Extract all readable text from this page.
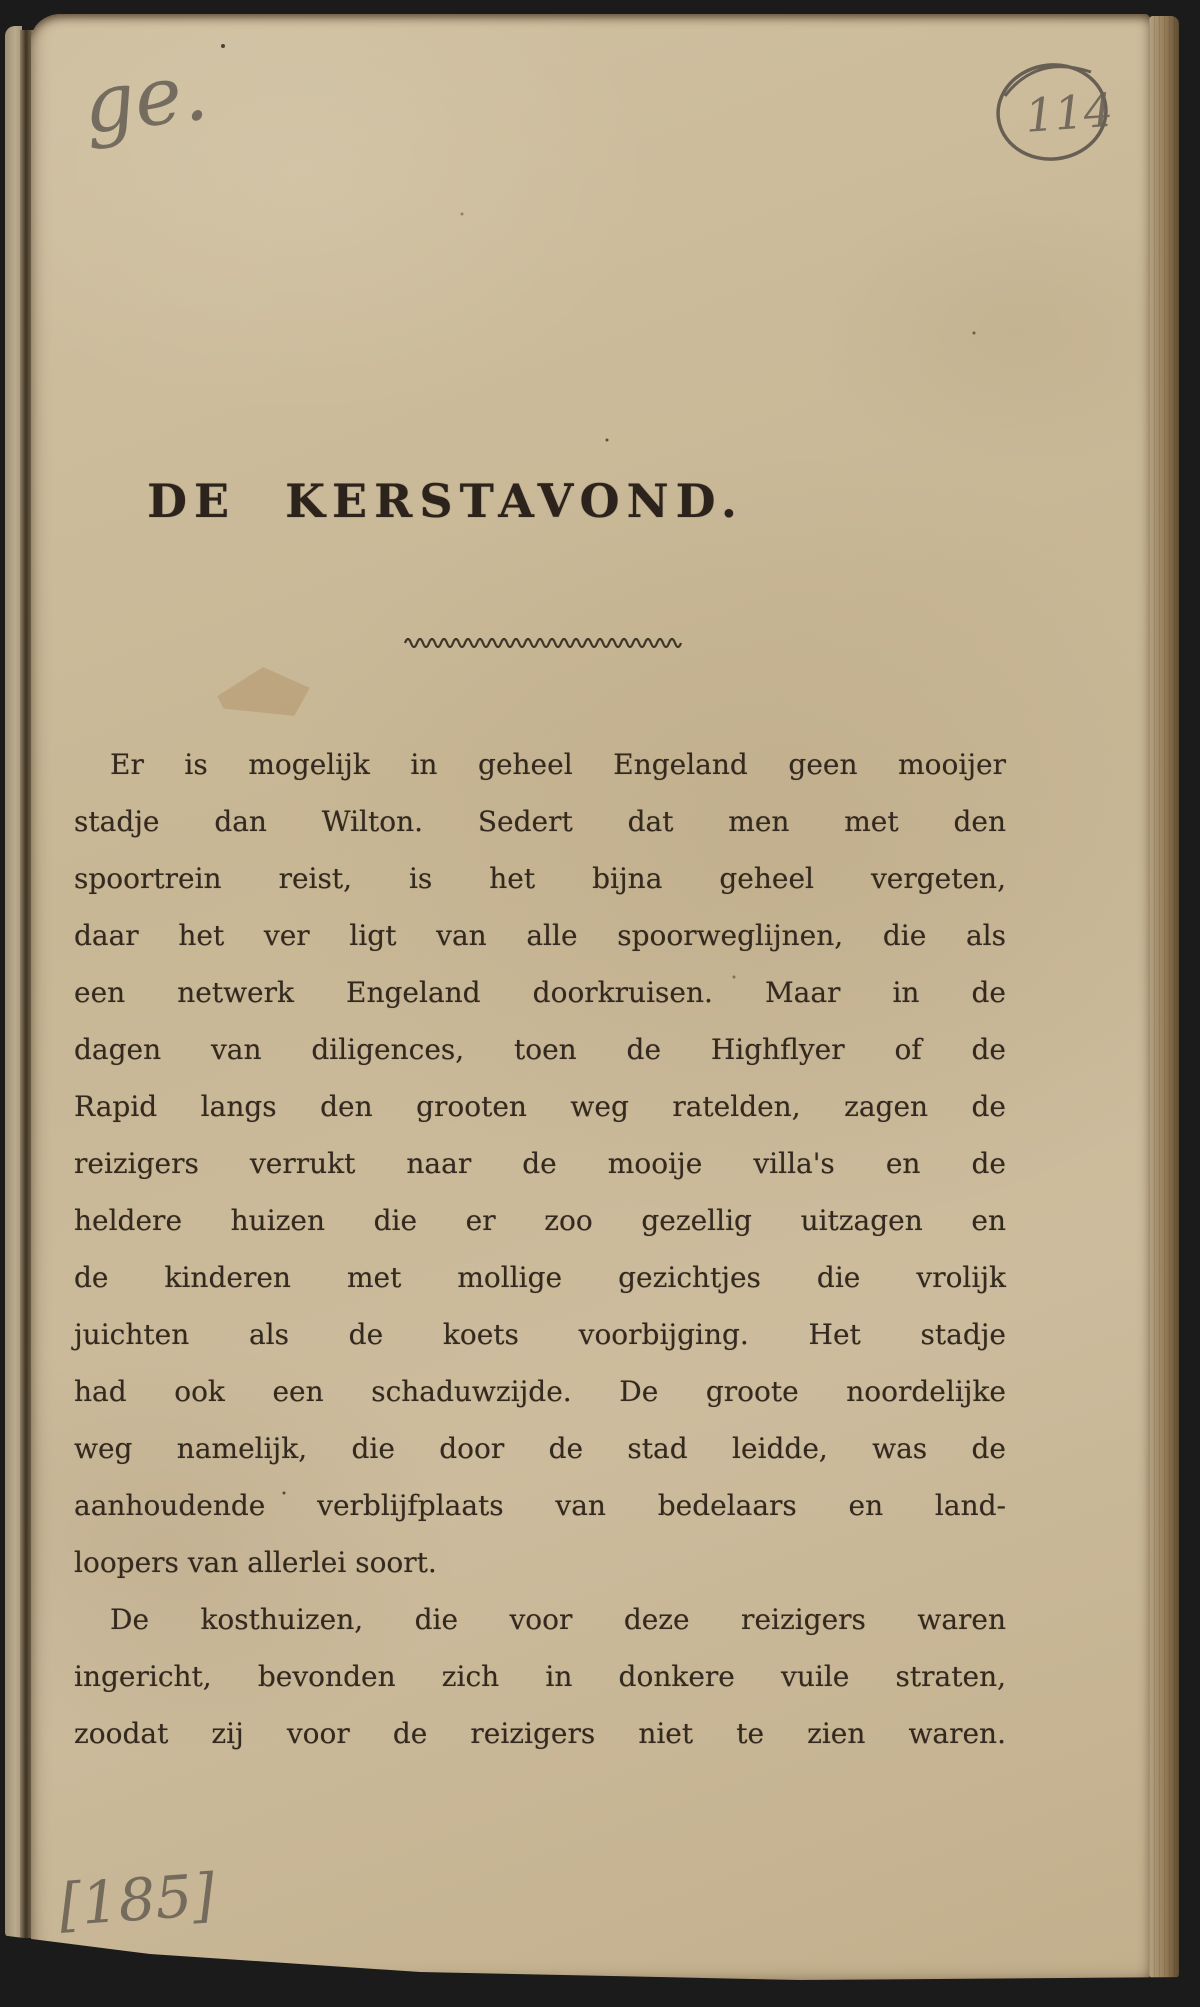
ge.	114
DE KERSTAVOND.
Er is mogelijk in geheel Engeland geen mooijer
stadje dan Wilton. Sedert dat men met den
spoortrein reist, is het bijna geheel vergeten,
daar het ver ligt van alle spoorweglijnen, die als
een netwerk Engeland doorkruisen. Maar in de
dagen van diligences, toen de Highflyer of de
Rapid langs den grooten weg ratelden, zagen de
reizigers verrukt naar de mooije villa's en de
heldere huizen die er zoo gezellig uitzagen en
de kinderen met mollige gezichtjes die vrolijk
juichten als de koets voorbijging. Het stadje
had ook een schaduwzijde. De groote noordelijke
weg namelijk, die door de stad leidde, was de
aanhoudende verblijfplaats van bedelaars en land-
loopers van allerlei soort.
De kosthuizen, die voor deze reizigers waren
ingericht, bevonden zich in donkere vuile straten,
zoodat zij voor de reizigers niet te zien waren.
[185]
